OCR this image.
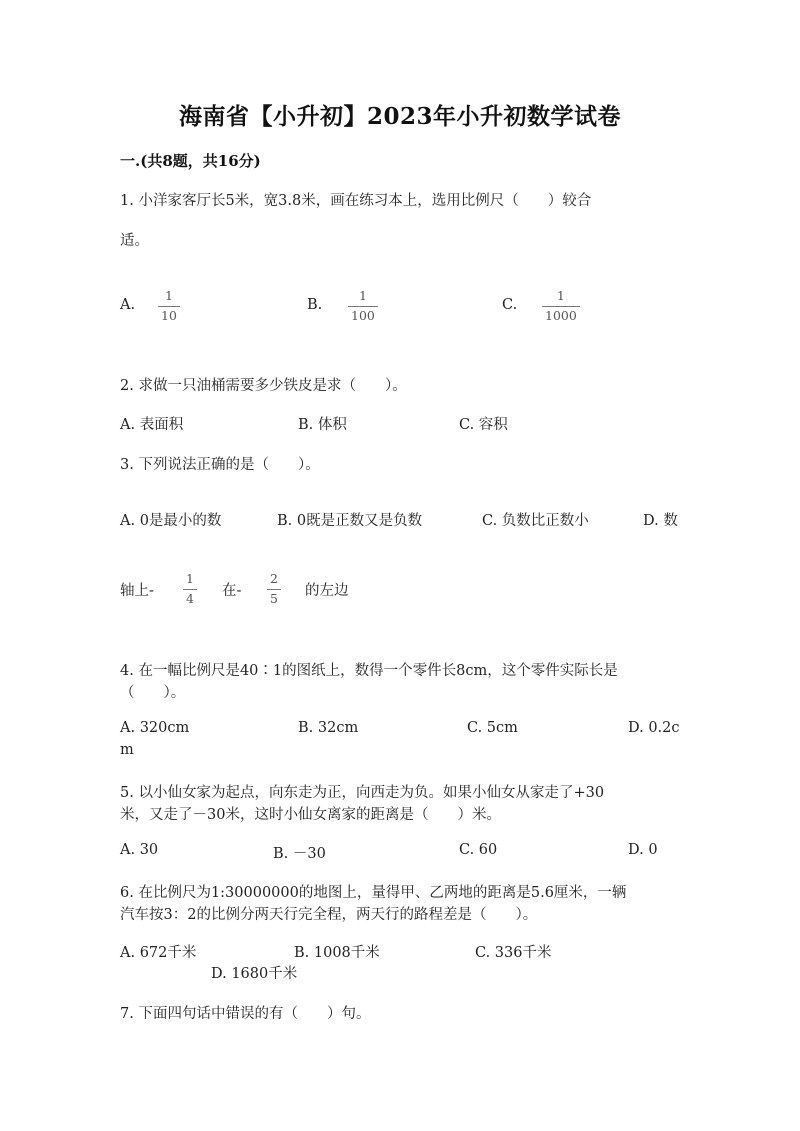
海南省【小升初】2023年小升初数学试卷
一.(共8题，共16分)
1. 小洋家客厅长5米，宽3.8米，画在练习本上，选用比例尺（　　）较合
适。
A.
1
10
B.
1
100
C.
1
1000
2. 求做一只油桶需要多少铁皮是求（　　）。
A. 表面积	B. 体积	C. 容积
3. 下列说法正确的是（　　）。
A. 0是最小的数	B. 0既是正数又是负数	C. 负数比正数小	D. 数
轴上-
1
4 在-
2
5 的左边
4. 在一幅比例尺是40∶1的图纸上，数得一个零件长8cm，这个零件实际长是
（　　）。
A. 320cm	B. 32cm	C. 5cm	D. 0.2c
m
5. 以小仙女家为起点，向东走为正，向西走为负。如果小仙女从家走了+30
米，又走了－30米，这时小仙女离家的距离是（　　）米。
A. 30	B. －30	C. 60	D. 0
6. 在比例尺为1:30000000的地图上，量得甲、乙两地的距离是5.6厘米，一辆
汽车按3：2的比例分两天行完全程，两天行的路程差是（　　）。
A. 672千米	B. 1008千米	C. 336千米
D. 1680千米
7. 下面四句话中错误的有（　　）句。
